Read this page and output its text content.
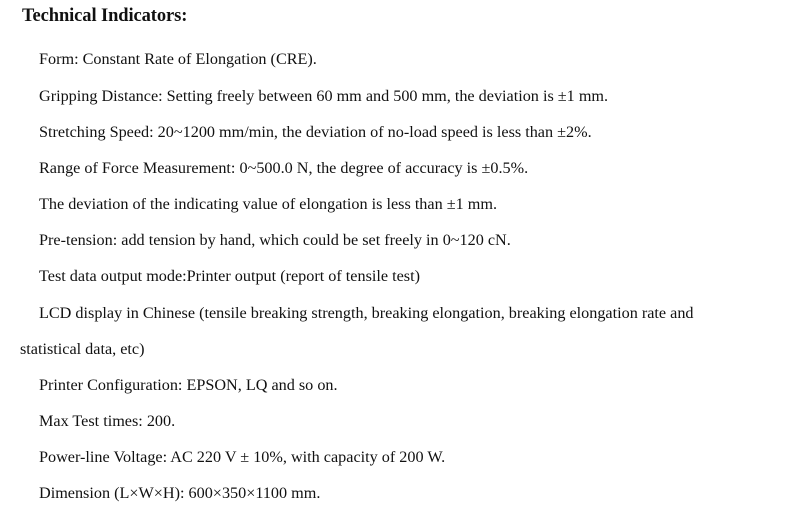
Technical Indicators:
Form: Constant Rate of Elongation (CRE).
Gripping Distance: Setting freely between 60 mm and 500 mm, the deviation is ±1 mm.
Stretching Speed: 20~1200 mm/min, the deviation of no-load speed is less than ±2%.
Range of Force Measurement: 0~500.0 N, the degree of accuracy is ±0.5%.
The deviation of the indicating value of elongation is less than ±1 mm.
Pre-tension: add tension by hand, which could be set freely in 0~120 cN.
Test data output mode:Printer output (report of tensile test)
LCD display in Chinese (tensile breaking strength, breaking elongation, breaking elongation rate and
statistical data, etc)
Printer Configuration: EPSON, LQ and so on.
Max Test times: 200.
Power-line Voltage: AC 220 V ± 10%, with capacity of 200 W.
Dimension (L×W×H): 600×350×1100 mm.
